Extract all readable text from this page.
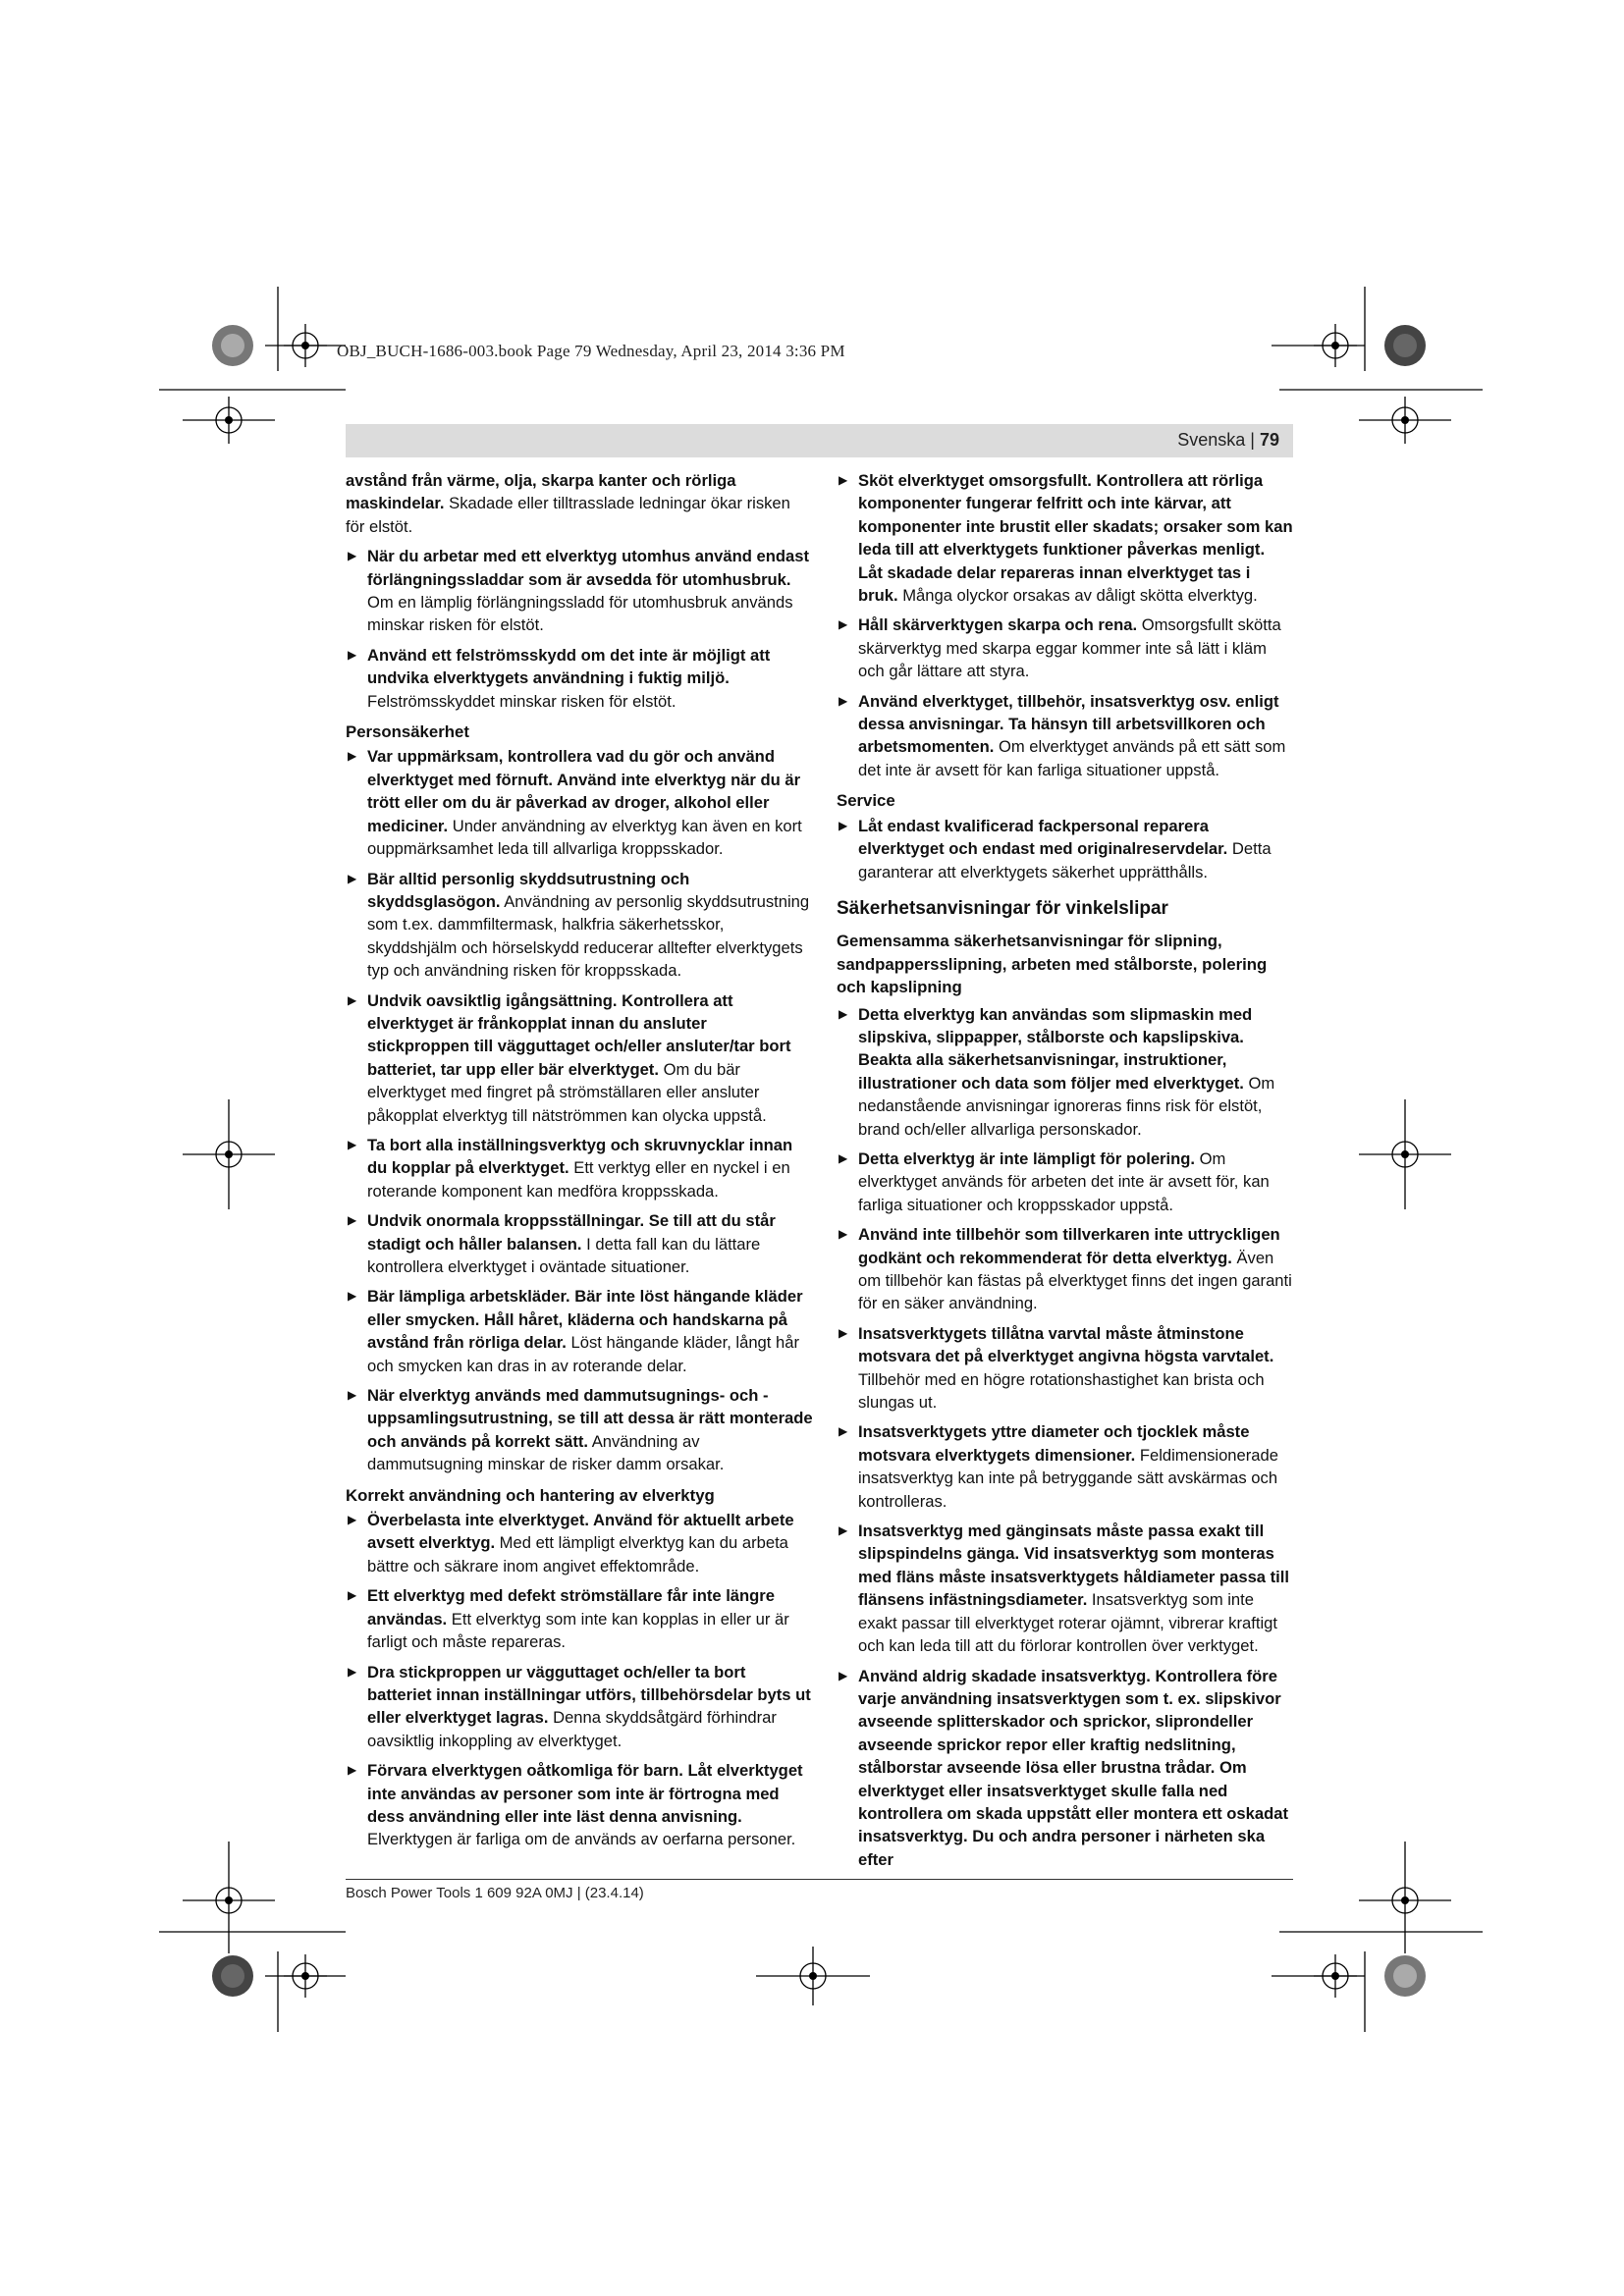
OBJ_BUCH-1686-003.book Page 79 Wednesday, April 23, 2014 3:36 PM
Svenska | 79

avstånd från värme, olja, skarpa kanter och rörliga maskindelar. Skadade eller tilltrasslade ledningar ökar risken för elstöt.

▶ När du arbetar med ett elverktyg utomhus använd endast förlängningssladdar som är avsedda för utomhusbruk. Om en lämplig förlängningssladd för utomhusbruk används minskar risken för elstöt.
▶ Använd ett felströmsskydd om det inte är möjligt att undvika elverktygets användning i fuktig miljö. Felströmsskyddet minskar risken för elstöt.
Personsäkerhet
▶ Var uppmärksam, kontrollera vad du gör och använd elverktyget med förnuft. Använd inte elverktyg när du är trött eller om du är påverkad av droger, alkohol eller mediciner. Under användning av elverktyg kan även en kort ouppmärksamhet leda till allvarliga kroppsskador.
▶ Bär alltid personlig skyddsutrustning och skyddsglasögon. Användning av personlig skyddsutrustning som t.ex. dammfiltermask, halkfria säkerhetsskor, skyddshjälm och hörselskydd reducerar alltefter elverktygets typ och användning risken för kroppsskada.
▶ Undvik oavsiktlig igångsättning. Kontrollera att elverktyget är frånkopplat innan du ansluter stickproppen till vägguttaget och/eller ansluter/tar bort batteriet, tar upp eller bär elverktyget. Om du bär elverktyget med fingret på strömställaren eller ansluter påkopplat elverktyg till nätströmmen kan olycka uppstå.
▶ Ta bort alla inställningsverktyg och skruvnycklar innan du kopplar på elverktyget. Ett verktyg eller en nyckel i en roterande komponent kan medföra kroppsskada.
▶ Undvik onormala kroppsställningar. Se till att du står stadigt och håller balansen. I detta fall kan du lättare kontrollera elverktyget i oväntade situationer.
▶ Bär lämpliga arbetskläder. Bär inte löst hängande kläder eller smycken. Håll håret, kläderna och handskarna på avstånd från rörliga delar. Löst hängande kläder, långt hår och smycken kan dras in av roterande delar.
▶ När elverktyg används med dammutsugnings- och -uppsamlingsutrustning, se till att dessa är rätt monterade och används på korrekt sätt. Användning av dammutsugning minskar de risker damm orsakar.
Korrekt användning och hantering av elverktyg
▶ Överbelasta inte elverktyget. Använd för aktuellt arbete avsett elverktyg. Med ett lämpligt elverktyg kan du arbeta bättre och säkrare inom angivet effektområde.
▶ Ett elverktyg med defekt strömställare får inte längre användas. Ett elverktyg som inte kan kopplas in eller ur är farligt och måste repareras.
▶ Dra stickproppen ur vägguttaget och/eller ta bort batteriet innan inställningar utförs, tillbehörsdelar byts ut eller elverktyget lagras. Denna skyddsåtgärd förhindrar oavsiktlig inkoppling av elverktyget.
▶ Förvara elverktygen oåtkomliga för barn. Låt elverktyget inte användas av personer som inte är förtrogna med dess användning eller inte läst denna anvisning. Elverktygen är farliga om de används av oerfarna personer.
▶ Sköt elverktyget omsorgsfullt. Kontrollera att rörliga komponenter fungerar felfritt och inte kärvar, att komponenter inte brustit eller skadats; orsaker som kan leda till att elverktygets funktioner påverkas menligt. Låt skadade delar repareras innan elverktyget tas i bruk. Många olyckor orsakas av dåligt skötta elverktyg.
▶ Håll skärverktygen skarpa och rena. Omsorgsfullt skötta skärverktyg med skarpa eggar kommer inte så lätt i kläm och går lättare att styra.
▶ Använd elverktyget, tillbehör, insatsverktyg osv. enligt dessa anvisningar. Ta hänsyn till arbetsvillkoren och arbetsmomenten. Om elverktyget används på ett sätt som det inte är avsett för kan farliga situationer uppstå.
Service
▶ Låt endast kvalificerad fackpersonal reparera elverktyget och endast med originalreservdelar. Detta garanterar att elverktygets säkerhet upprätthålls.
Säkerhetsanvisningar för vinkelslipar
Gemensamma säkerhetsanvisningar för slipning, sandpappersslipning, arbeten med stålborste, polering och kapslipning
▶ Detta elverktyg kan användas som slipmaskin med slipskiva, slippapper, stålborste och kapslipskiva. Beakta alla säkerhetsanvisningar, instruktioner, illustrationer och data som följer med elverktyget. Om nedanstående anvisningar ignoreras finns risk för elstöt, brand och/eller allvarliga personskador.
▶ Detta elverktyg är inte lämpligt för polering. Om elverktyget används för arbeten det inte är avsett för, kan farliga situationer och kroppsskador uppstå.
▶ Använd inte tillbehör som tillverkaren inte uttryckligen godkänt och rekommenderat för detta elverktyg. Även om tillbehör kan fästas på elverktyget finns det ingen garanti för en säker användning.
▶ Insatsverktygets tillåtna varvtal måste åtminstone motsvara det på elverktyget angivna högsta varvtalet. Tillbehör med en högre rotationshastighet kan brista och slungas ut.
▶ Insatsverktygets yttre diameter och tjocklek måste motsvara elverktygets dimensioner. Feldimensionerade insatsverktyg kan inte på betryggande sätt avskärmas och kontrolleras.
▶ Insatsverktyg med gänginsats måste passa exakt till slipspindelns gänga. Vid insatsverktyg som monteras med fläns måste insatsverktygets håldiameter passa till flänsens infästningsdiameter. Insatsverktyg som inte exakt passar till elverktyget roterar ojämnt, vibrerar kraftigt och kan leda till att du förlorar kontrollen över verktyget.
▶ Använd aldrig skadade insatsverktyg. Kontrollera före varje användning insatsverktygen som t. ex. slipskivor avseende splitterskador och sprickor, sliprondeller avseende sprickor repor eller kraftig nedslitning, stålborstar avseende lösa eller brustna trådar. Om elverktyget eller insatsverktyget skulle falla ned kontrollera om skada uppstått eller montera ett oskadat insatsverktyg. Du och andra personer i närheten ska efter
Bosch Power Tools 1 609 92A 0MJ | (23.4.14)
